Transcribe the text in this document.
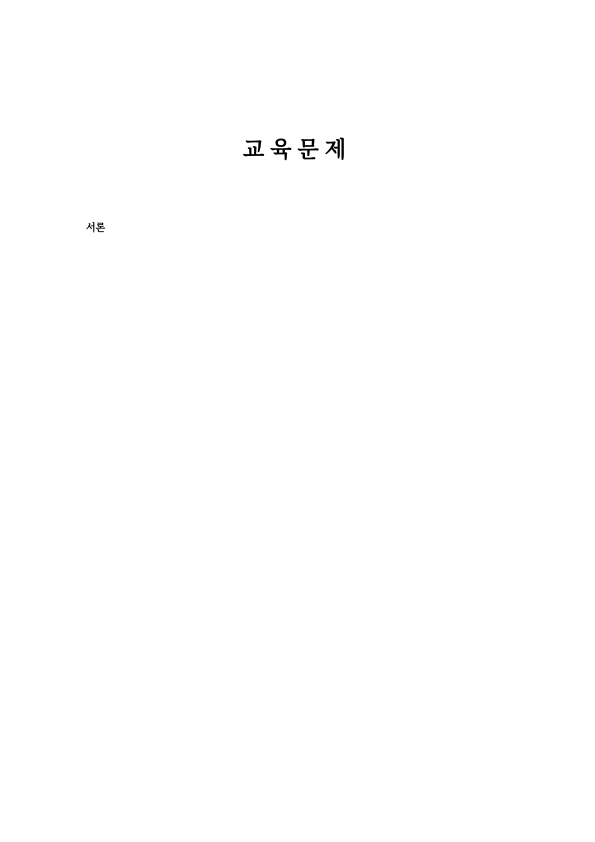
교육문제
서론
